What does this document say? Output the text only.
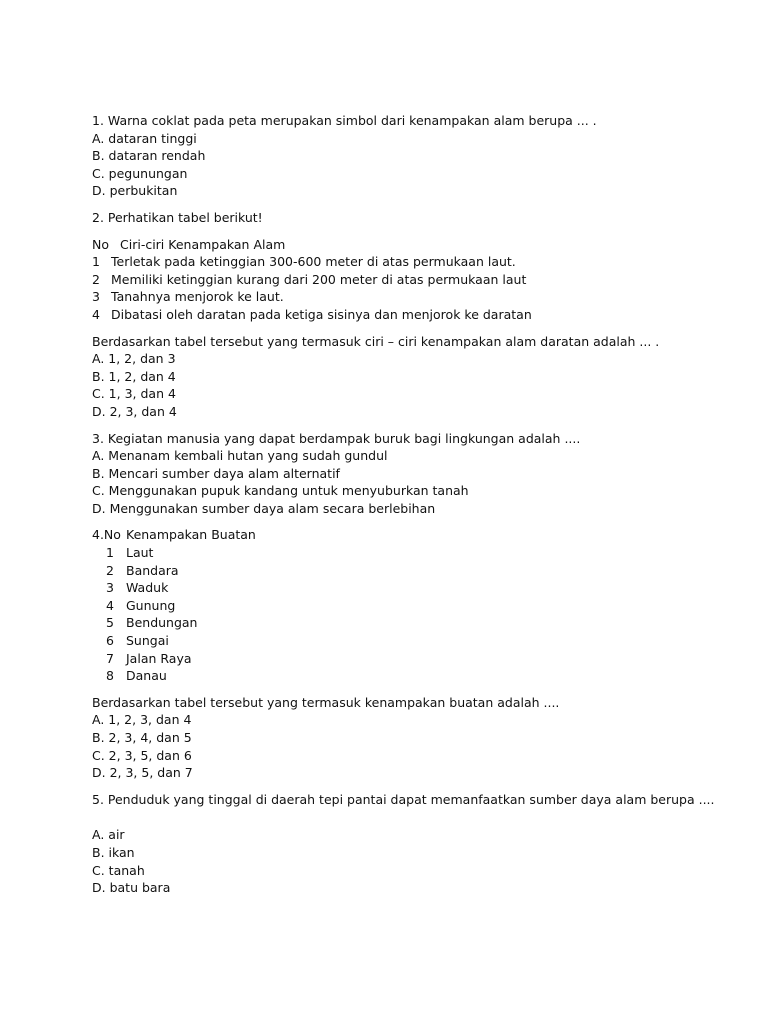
1. Warna coklat pada peta merupakan simbol dari kenampakan alam berupa ... .
A. dataran tinggi
B. dataran rendah
C. pegunungan
D. perbukitan
2. Perhatikan tabel berikut!
No Ciri-ciri Kenampakan Alam
1 Terletak pada ketinggian 300-600 meter di atas permukaan laut.
2 Memiliki ketinggian kurang dari 200 meter di atas permukaan laut
3 Tanahnya menjorok ke laut.
4 Dibatasi oleh daratan pada ketiga sisinya dan menjorok ke daratan
Berdasarkan tabel tersebut yang termasuk ciri – ciri kenampakan alam daratan adalah ... .
A. 1, 2, dan 3
B. 1, 2, dan 4
C. 1, 3, dan 4
D. 2, 3, dan 4
3. Kegiatan manusia yang dapat berdampak buruk bagi lingkungan adalah ....
A. Menanam kembali hutan yang sudah gundul
B. Mencari sumber daya alam alternatif
C. Menggunakan pupuk kandang untuk menyuburkan tanah
D. Menggunakan sumber daya alam secara berlebihan
4.No Kenampakan Buatan
1 Laut
2 Bandara
3 Waduk
4 Gunung
5 Bendungan
6 Sungai
7 Jalan Raya
8 Danau
Berdasarkan tabel tersebut yang termasuk kenampakan buatan adalah ....
A. 1, 2, 3, dan 4
B. 2, 3, 4, dan 5
C. 2, 3, 5, dan 6
D. 2, 3, 5, dan 7
5. Penduduk yang tinggal di daerah tepi pantai dapat memanfaatkan sumber daya alam berupa ....
A. air
B. ikan
C. tanah
D. batu bara
